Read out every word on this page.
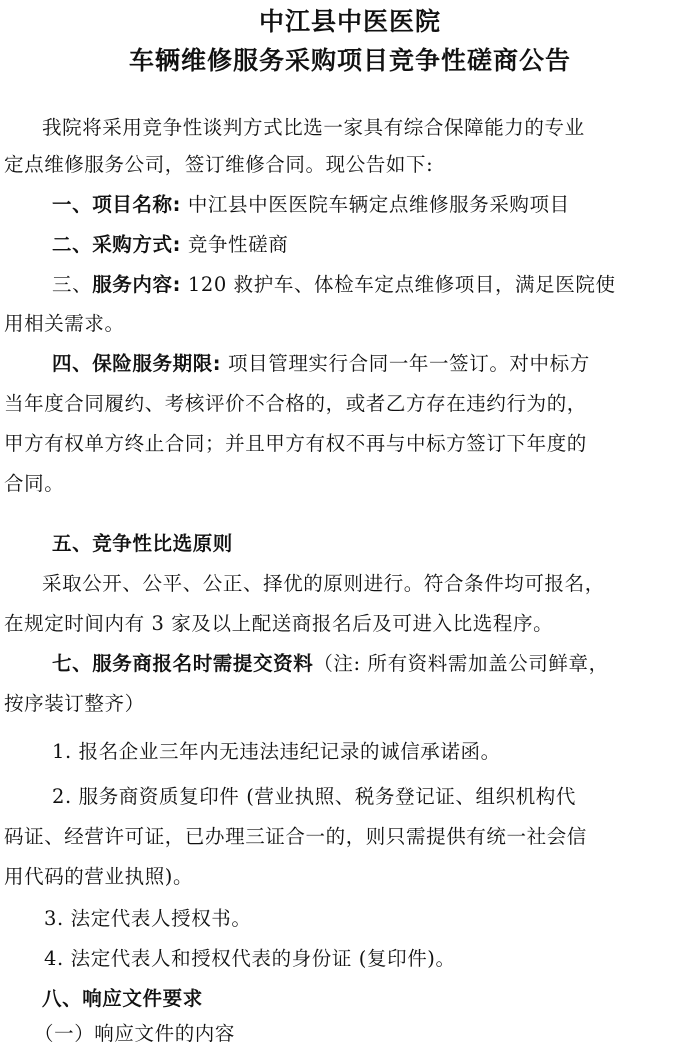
中江县中医医院
车辆维修服务采购项目竞争性磋商公告
我院将采用竞争性谈判方式比选一家具有综合保障能力的专业
定点维修服务公司，签订维修合同。现公告如下:
一、项目名称: 中江县中医医院车辆定点维修服务采购项目
二、采购方式: 竞争性磋商
三、服务内容: 120 救护车、体检车定点维修项目，满足医院使
用相关需求。
四、保险服务期限: 项目管理实行合同一年一签订。对中标方
当年度合同履约、考核评价不合格的，或者乙方存在违约行为的，
甲方有权单方终止合同；并且甲方有权不再与中标方签订下年度的
合同。
五、竞争性比选原则
采取公开、公平、公正、择优的原则进行。符合条件均可报名，
在规定时间内有 3 家及以上配送商报名后及可进入比选程序。
七、服务商报名时需提交资料（注: 所有资料需加盖公司鲜章，
按序装订整齐）
1. 报名企业三年内无违法违纪记录的诚信承诺函。
2. 服务商资质复印件 (营业执照、税务登记证、组织机构代
码证、经营许可证，已办理三证合一的，则只需提供有统一社会信
用代码的营业执照)。
3. 法定代表人授权书。
4. 法定代表人和授权代表的身份证 (复印件)。
八、响应文件要求
（一）响应文件的内容
